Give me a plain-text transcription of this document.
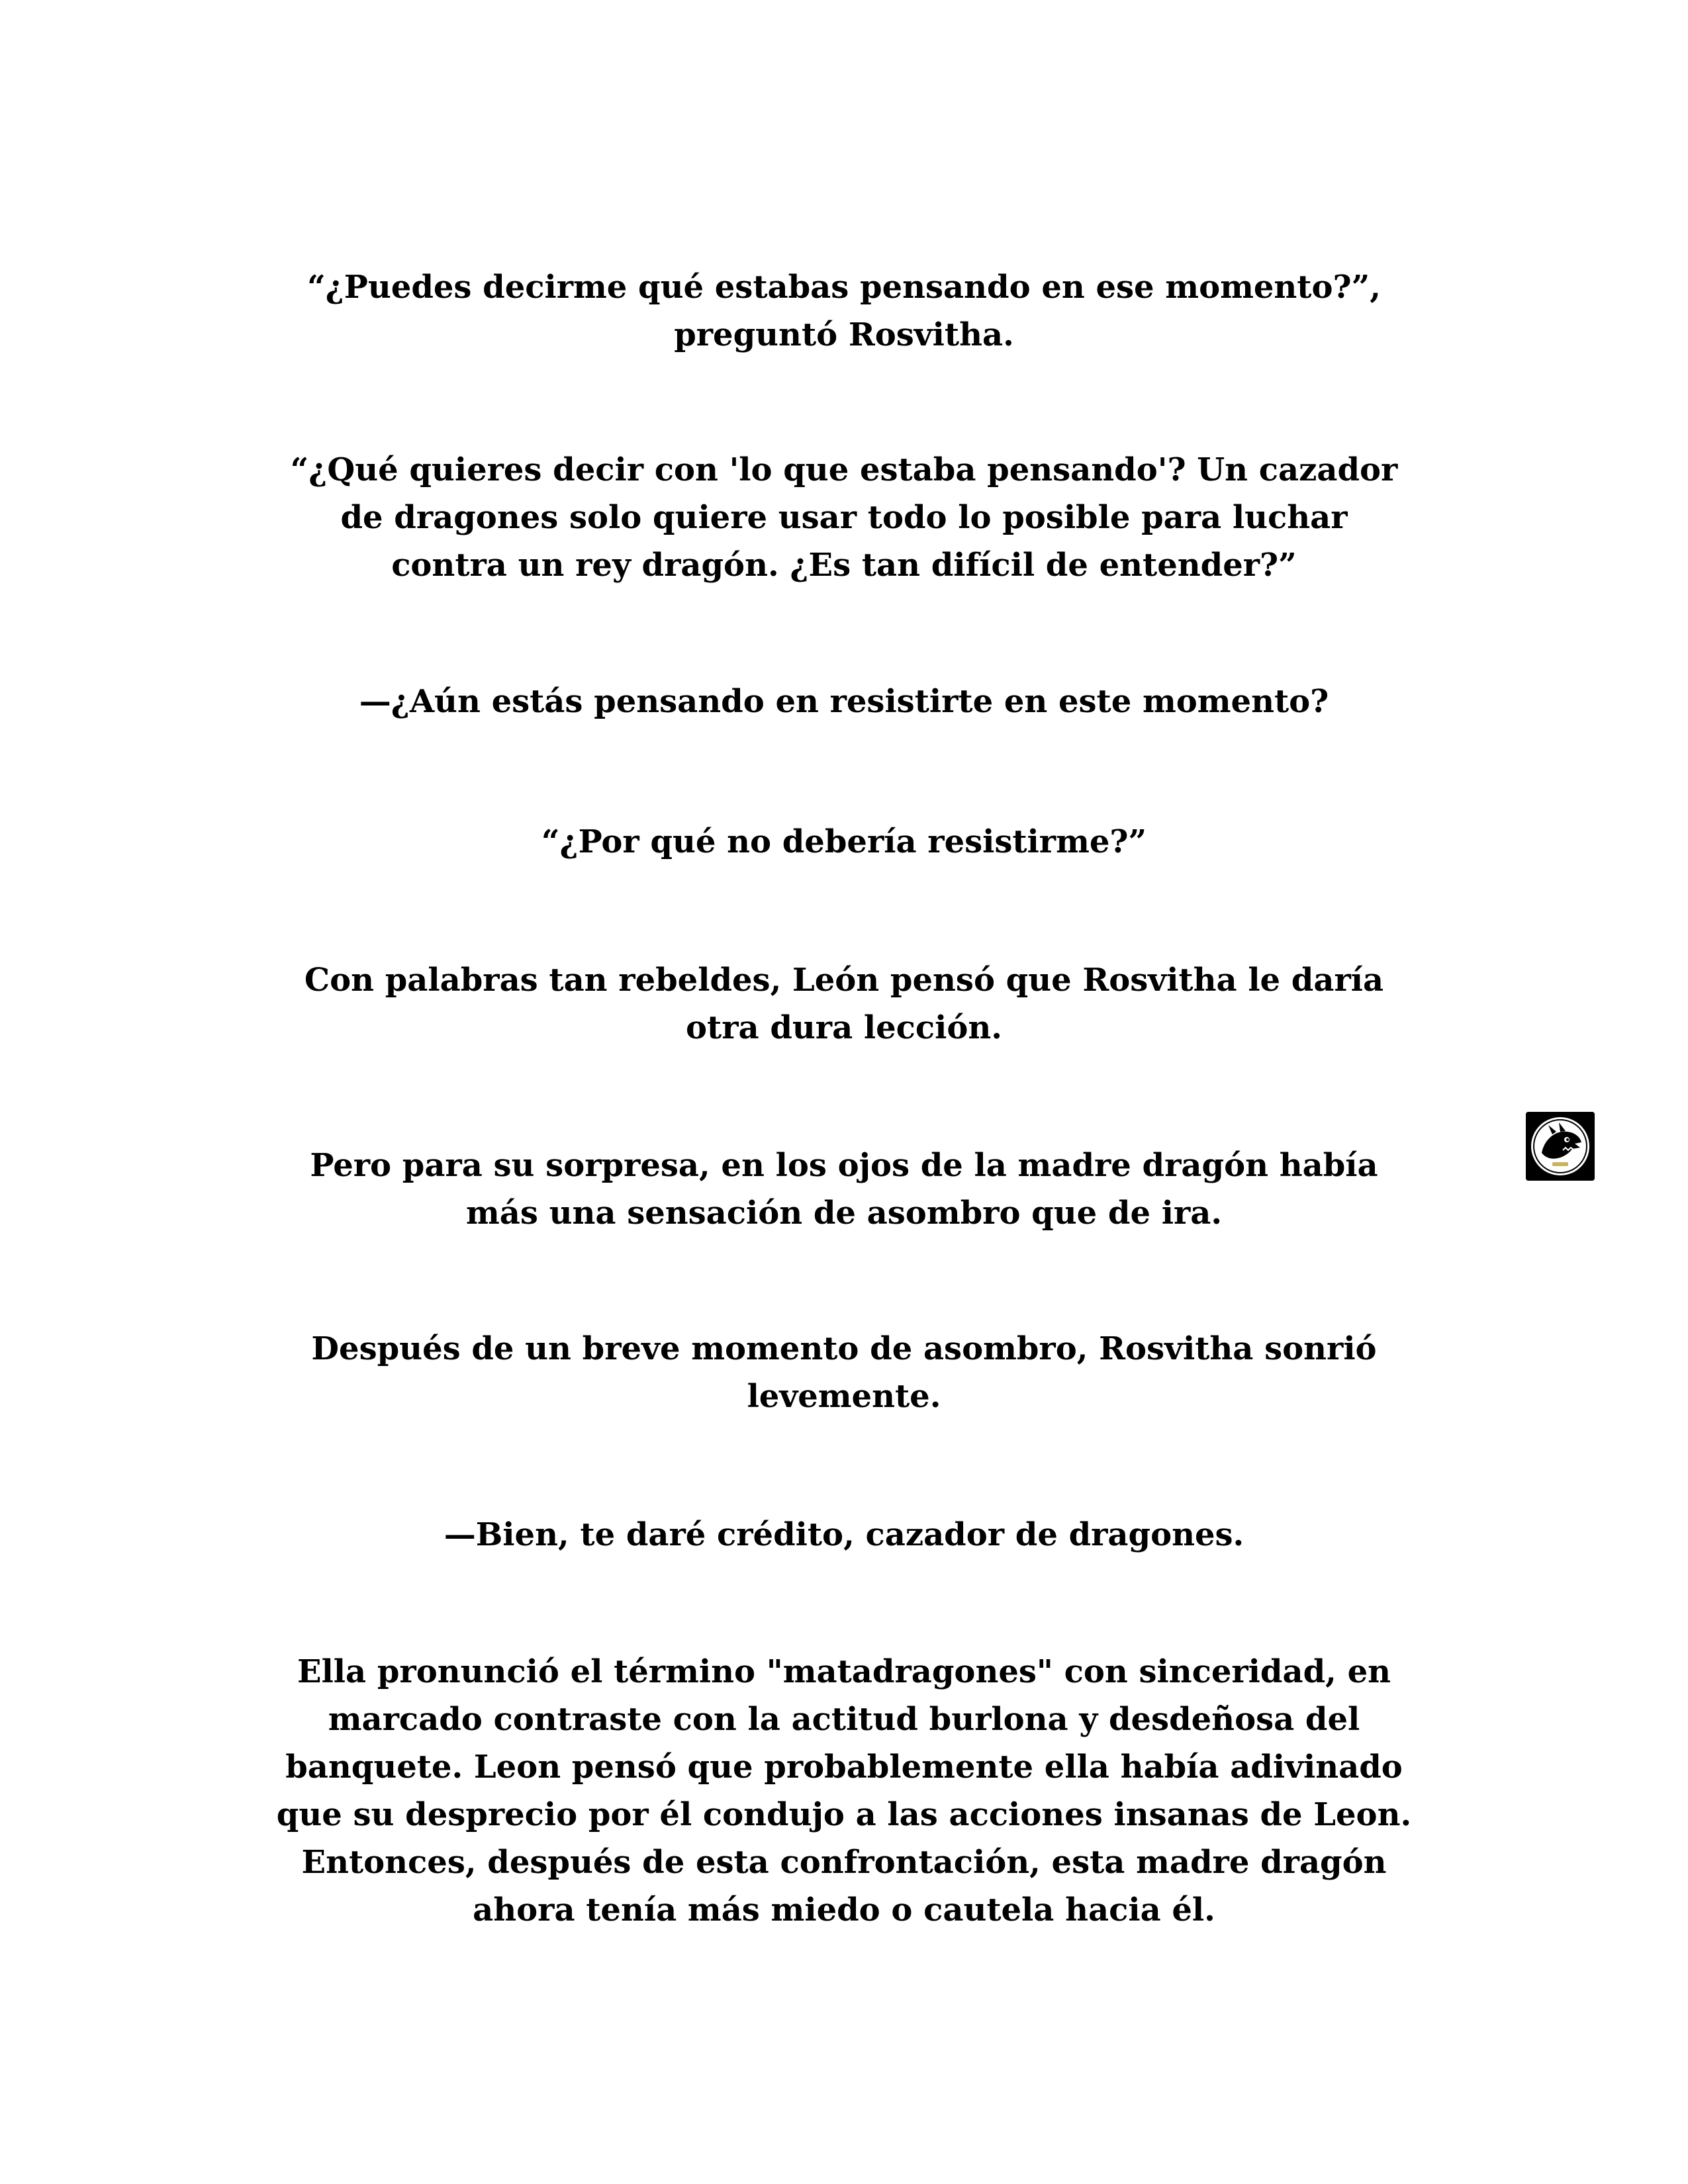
“¿Puedes decirme qué estabas pensando en ese momento?”,
preguntó Rosvitha.

“¿Qué quieres decir con 'lo que estaba pensando'? Un cazador
de dragones solo quiere usar todo lo posible para luchar
contra un rey dragón. ¿Es tan difícil de entender?”

—¿Aún estás pensando en resistirte en este momento?

“¿Por qué no debería resistirme?”

Con palabras tan rebeldes, León pensó que Rosvitha le daría
otra dura lección.

Pero para su sorpresa, en los ojos de la madre dragón había
más una sensación de asombro que de ira.

Después de un breve momento de asombro, Rosvitha sonrió
levemente.

—Bien, te daré crédito, cazador de dragones.

Ella pronunció el término "matadragones" con sinceridad, en
marcado contraste con la actitud burlona y desdeñosa del
banquete. Leon pensó que probablemente ella había adivinado
que su desprecio por él condujo a las acciones insanas de Leon.
Entonces, después de esta confrontación, esta madre dragón
ahora tenía más miedo o cautela hacia él.
